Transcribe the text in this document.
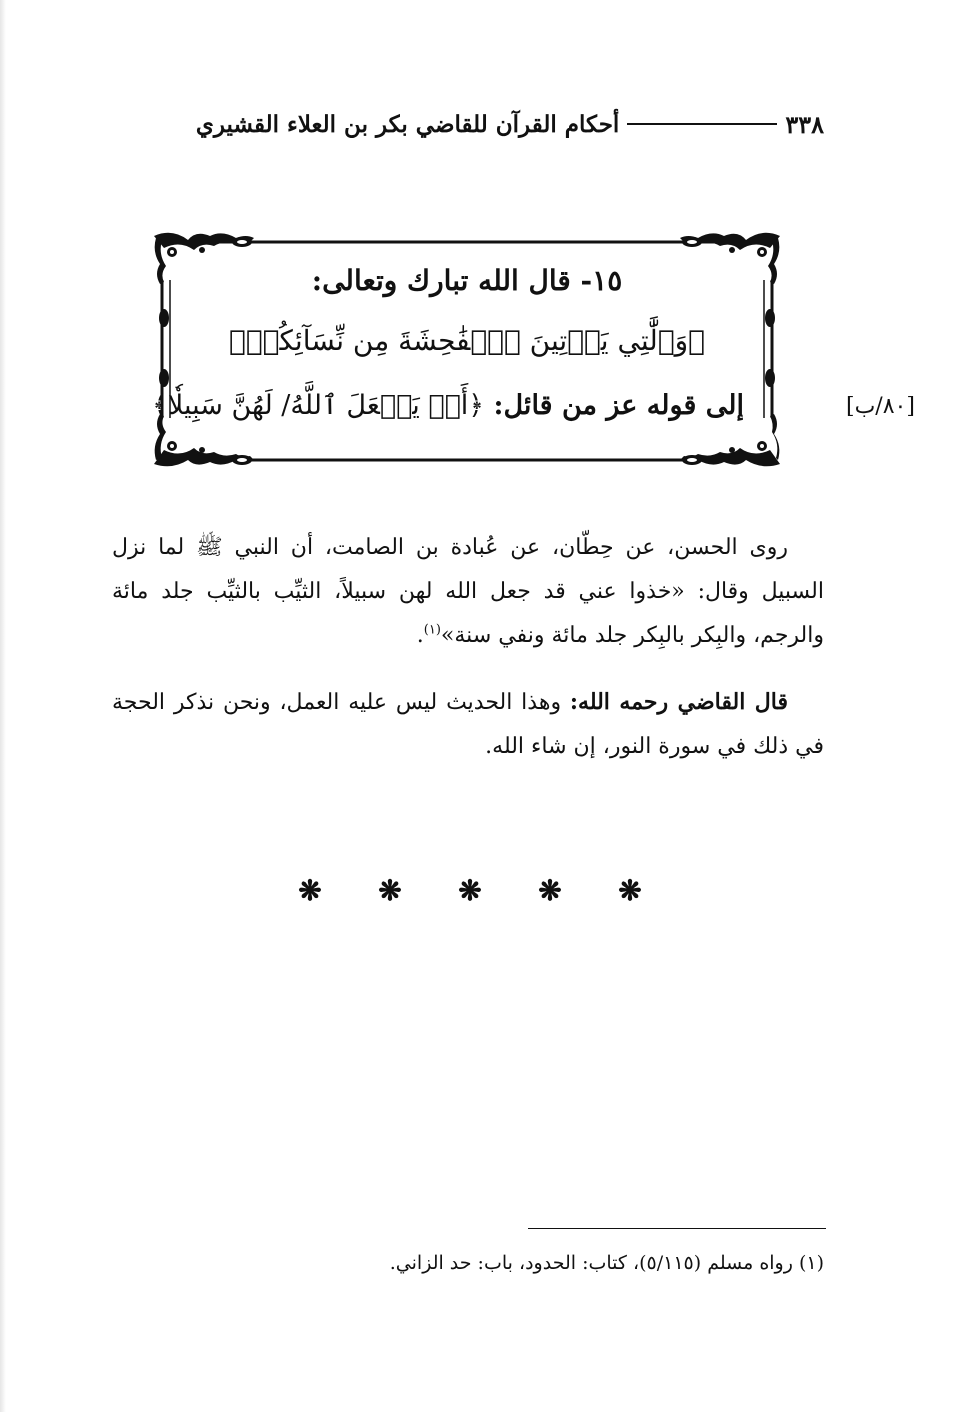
٣٣٨
أحكام القرآن للقاضي بكر بن العلاء القشيري
١٥- قال الله تبارك وتعالى:
﴿وَٱلَّٰتِي يَأۡتِينَ ٱلۡفَٰحِشَةَ مِن نِّسَآئِكُمۡ﴾
إلى قوله عز من قائل: ﴿أَوۡ يَجۡعَلَ ٱللَّهُ/ لَهُنَّ سَبِيلٗا﴾	[٨٠/ب]
روى الحسن، عن حِطّان، عن عُبادة بن الصامت، أن النبي ﷺ لما نزل السبيل وقال: «خذوا عني قد جعل الله لهن سبيلاً، الثيِّب بالثيِّب جلد مائة والرجم، والبِكر بالبِكر جلد مائة ونفي سنة»$^{(١)}$.
قال القاضي رحمه الله: وهذا الحديث ليس عليه العمل، ونحن نذكر الحجة في ذلك في سورة النور، إن شاء الله.
❋
❋
❋
❋
❋
(١) رواه مسلم (٥/١١٥)، كتاب: الحدود، باب: حد الزاني.
